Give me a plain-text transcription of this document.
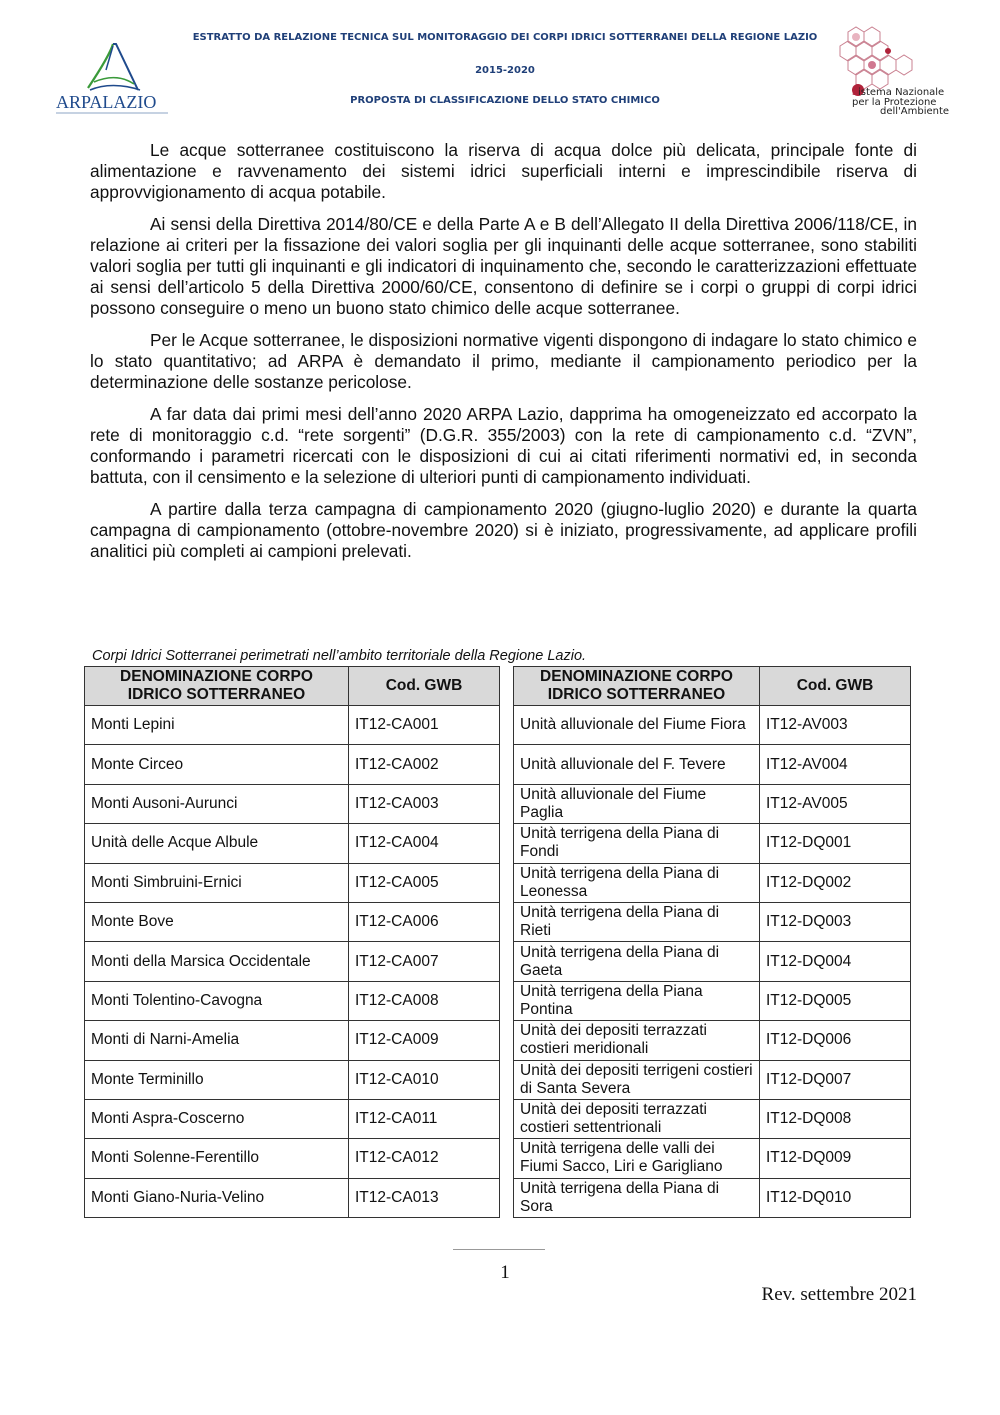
ESTRATTO DA RELAZIONE TECNICA SUL MONITORAGGIO DEI CORPI IDRICI SOTTERRANEI DELLA REGIONE LAZIO
2015-2020
PROPOSTA DI CLASSIFICAZIONE DELLO STATO CHIMICO
ARPALAZIO	sistema Nazionale
per la Protezione
dell'Ambiente

Le acque sotterranee costituiscono la riserva di acqua dolce più delicata, principale fonte di alimentazione e ravvenamento dei sistemi idrici superficiali interni e imprescindibile riserva di approvvigionamento di acqua potabile.

Ai sensi della Direttiva 2014/80/CE e della Parte A e B dell’Allegato II della Direttiva 2006/118/CE, in relazione ai criteri per la fissazione dei valori soglia per gli inquinanti delle acque sotterranee, sono stabiliti valori soglia per tutti gli inquinanti e gli indicatori di inquinamento che, secondo le caratterizzazioni effettuate ai sensi dell’articolo 5 della Direttiva 2000/60/CE, consentono di definire se i corpi o gruppi di corpi idrici possono conseguire o meno un buono stato chimico delle acque sotterranee.

Per le Acque sotterranee, le disposizioni normative vigenti dispongono di indagare lo stato chimico e lo stato quantitativo; ad ARPA è demandato il primo, mediante il campionamento periodico per la determinazione delle sostanze pericolose.

A far data dai primi mesi dell’anno 2020 ARPA Lazio, dapprima ha omogeneizzato ed accorpato la rete di monitoraggio c.d. “rete sorgenti” (D.G.R. 355/2003) con la rete di campionamento c.d. “ZVN”, conformando i parametri ricercati con le disposizioni di cui ai citati riferimenti normativi ed, in seconda battuta, con il censimento e la selezione di ulteriori punti di campionamento individuati.

A partire dalla terza campagna di campionamento 2020 (giugno-luglio 2020) e durante la quarta campagna di campionamento (ottobre-novembre 2020) si è iniziato, progressivamente, ad applicare profili analitici più completi ai campioni prelevati.

Corpi Idrici Sotterranei perimetrati nell’ambito territoriale della Regione Lazio.
DENOMINAZIONE CORPO IDRICO SOTTERRANEO	Cod. GWB		DENOMINAZIONE CORPO IDRICO SOTTERRANEO	Cod. GWB
Monti Lepini	IT12-CA001		Unità alluvionale del Fiume Fiora	IT12-AV003
Monte Circeo	IT12-CA002		Unità alluvionale del F. Tevere	IT12-AV004
Monti Ausoni-Aurunci	IT12-CA003		Unità alluvionale del Fiume Paglia	IT12-AV005
Unità delle Acque Albule	IT12-CA004		Unità terrigena della Piana di Fondi	IT12-DQ001
Monti Simbruini-Ernici	IT12-CA005		Unità terrigena della Piana di Leonessa	IT12-DQ002
Monte Bove	IT12-CA006		Unità terrigena della Piana di Rieti	IT12-DQ003
Monti della Marsica Occidentale	IT12-CA007		Unità terrigena della Piana di Gaeta	IT12-DQ004
Monti Tolentino-Cavogna	IT12-CA008		Unità terrigena della Piana Pontina	IT12-DQ005
Monti di Narni-Amelia	IT12-CA009		Unità dei depositi terrazzati costieri meridionali	IT12-DQ006
Monte Terminillo	IT12-CA010		Unità dei depositi terrigeni costieri di Santa Severa	IT12-DQ007
Monti Aspra-Coscerno	IT12-CA011		Unità dei depositi terrazzati costieri settentrionali	IT12-DQ008
Monti Solenne-Ferentillo	IT12-CA012		Unità terrigena delle valli dei Fiumi Sacco, Liri e Garigliano	IT12-DQ009
Monti Giano-Nuria-Velino	IT12-CA013		Unità terrigena della Piana di Sora	IT12-DQ010
1
Rev. settembre 2021
